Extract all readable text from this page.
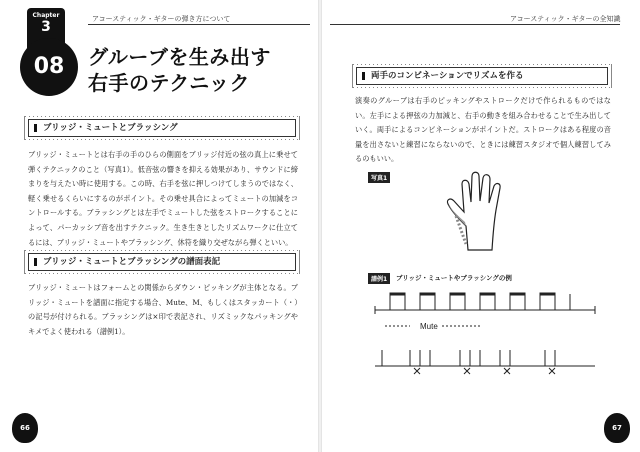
Chapter
3	アコースティック・ギターの弾き方について
08	グルーブを生み出す
右手のテクニック
ブリッジ・ミュートとブラッシング
ブリッジ・ミュートとは右手の手のひらの側面をブリッジ付近の弦の真上に乗せて弾くテクニックのこと（写真1）。低音弦の響きを抑える効果があり、サウンドに締まりを与えたい時に使用する。この時、右手を弦に押しつけてしまうのではなく、軽く乗せるくらいにするのがポイント。その乗せ具合によってミュートの加減をコントロールする。ブラッシングとは左手でミュートした弦をストロークすることによって、パーカッシブ音を出すテクニック。生き生きとしたリズムワークに仕立てるには、ブリッジ・ミュートやブラッシング、休符を織り交ぜながら弾くといい。
ブリッジ・ミュートとブラッシングの譜面表記
ブリッジ・ミュートはフォームとの関係からダウン・ピッキングが主体となる。ブリッジ・ミュートを譜面に指定する場合、Mute、M、もしくはスタッカート（・）の記号が付けられる。ブラッシングは×印で表記され、リズミックなパッキングやキメでよく使われる（譜例1）。
66
アコースティック・ギターの全知識
両手のコンビネーションでリズムを作る
演奏のグルーブは右手のピッキングやストロークだけで作られるものではない。左手による押弦の力加減と、右手の動きを組み合わせることで生み出していく。両手によるコンビネーションがポイントだ。ストロークはある程度の音量を出さないと練習にならないので、ときには練習スタジオで個人練習してみるのもいい。
写真1
譜例1	ブリッジ・ミュートやブラッシングの例
Mute
67
